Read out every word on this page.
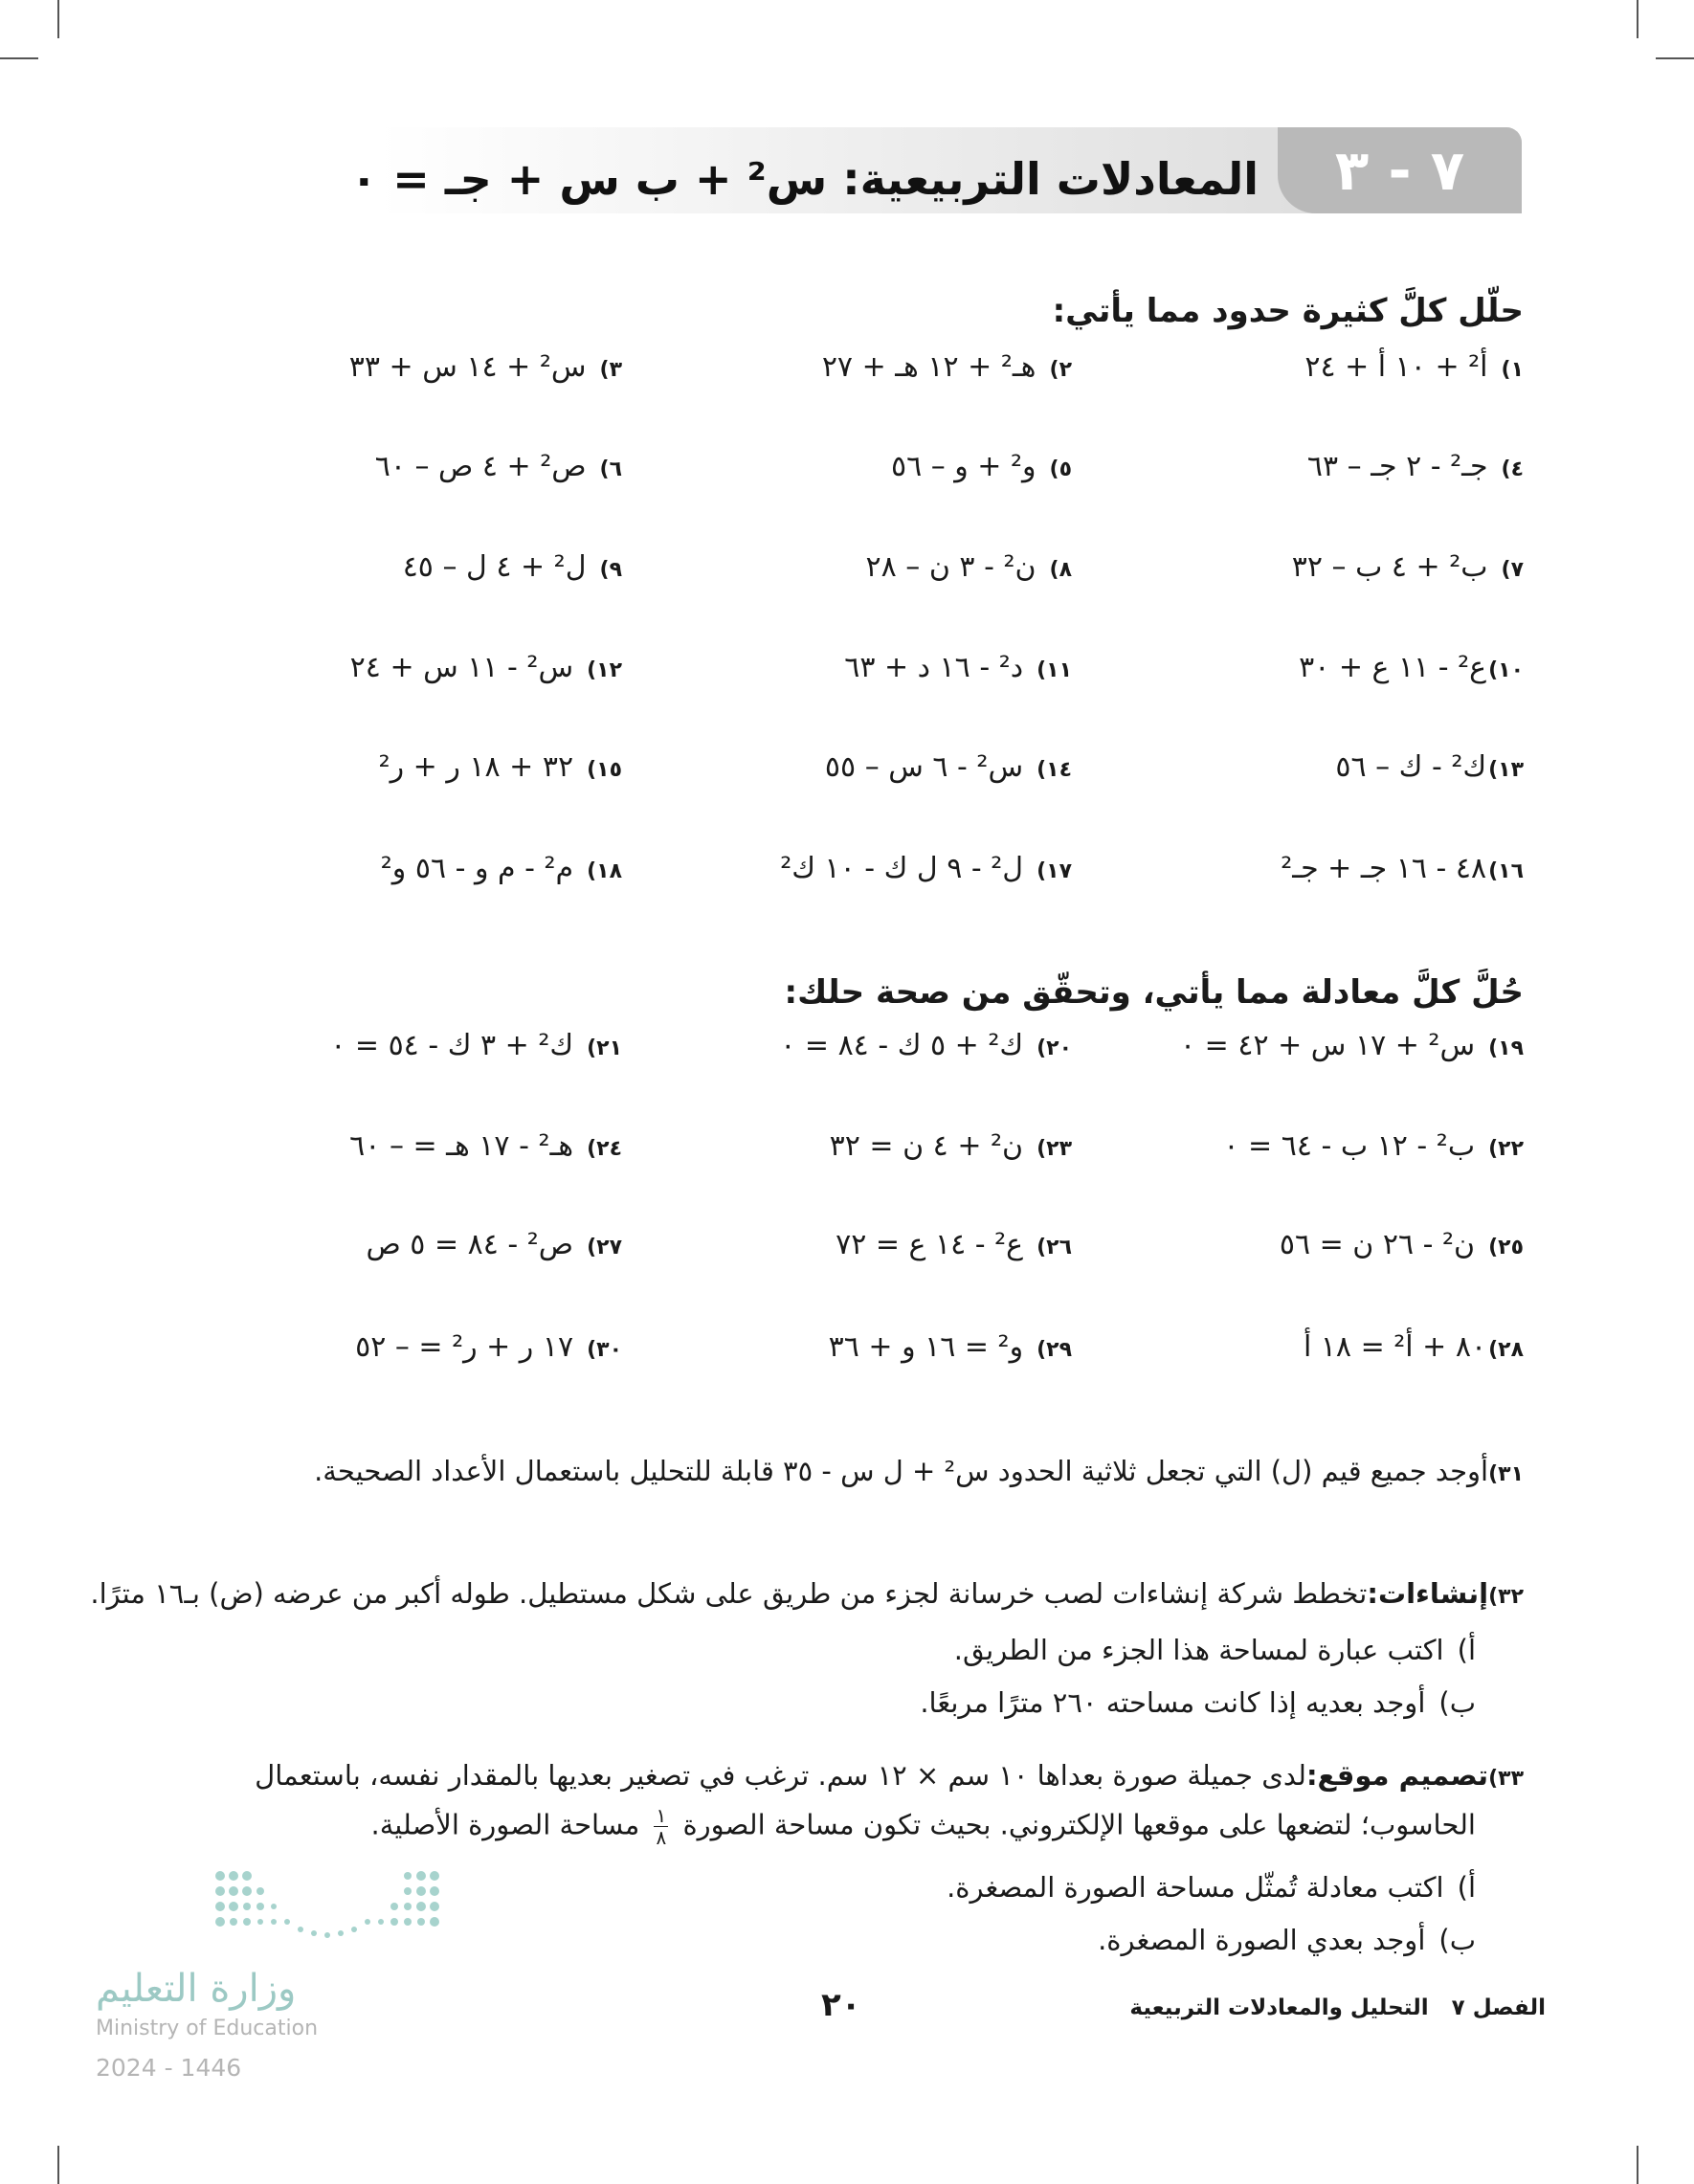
٧ - ٣
المعادلات التربيعية: س² + ب س + جـ = ٠
حلّل كلَّ كثيرة حدود مما يأتي:
١)أ² + ١٠ أ + ٢٤
٢)هـ² + ١٢ هـ + ٢٧
٣)س² + ١٤ س + ٣٣
٤)جـ² - ٢ جـ – ٦٣
٥)و² + و – ٥٦
٦)ص² + ٤ ص – ٦٠
٧)ب² + ٤ ب – ٣٢
٨)ن² - ٣ ن – ٢٨
٩)ل² + ٤ ل – ٤٥
١٠)ع² - ١١ ع + ٣٠
١١)د² - ١٦ د + ٦٣
١٢)س² - ١١ س + ٢٤
١٣)ك² - ك – ٥٦
١٤)س² - ٦ س – ٥٥
١٥)٣٢ + ١٨ ر + ر²
١٦)٤٨ - ١٦ جـ + جـ²
١٧)ل² - ٩ ل ك - ١٠ ك²
١٨)م² - م و - ٥٦ و²
حُلَّ كلَّ معادلة مما يأتي، وتحقّق من صحة حلك:
١٩)س² + ١٧ س + ٤٢ = ٠
٢٠)ك² + ٥ ك - ٨٤ = ٠
٢١)ك² + ٣ ك - ٥٤ = ٠
٢٢)ب² - ١٢ ب - ٦٤ = ٠
٢٣)ن² + ٤ ن = ٣٢
٢٤)هـ² - ١٧ هـ = – ٦٠
٢٥)ن² - ٢٦ ن = ٥٦
٢٦)ع² - ١٤ ع = ٧٢
٢٧)ص² - ٨٤ = ٥ ص
٢٨)٨٠ + أ² = ١٨ أ
٢٩)و² = ١٦ و + ٣٦
٣٠)١٧ ر + ر² = – ٥٢
٣١)أوجد جميع قيم (ل) التي تجعل ثلاثية الحدود س² + ل س - ٣٥ قابلة للتحليل باستعمال الأعداد الصحيحة.
٣٢)إنشاءات:تخطط شركة إنشاءات لصب خرسانة لجزء من طريق على شكل مستطيل. طوله أكبر من عرضه (ض) بـ١٦ مترًا.
أ)اكتب عبارة لمساحة هذا الجزء من الطريق.
ب)أوجد بعديه إذا كانت مساحته ٢٦٠ مترًا مربعًا.
٣٣)تصميم موقع:لدى جميلة صورة بعداها ١٠ سم × ١٢ سم. ترغب في تصغير بعديها بالمقدار نفسه، باستعمال
الحاسوب؛ لتضعها على موقعها الإلكتروني. بحيث تكون مساحة الصورة
$\frac{١}{٨}$
مساحة الصورة الأصلية.
أ)اكتب معادلة تُمثّل مساحة الصورة المصغرة.
ب)أوجد بعدي الصورة المصغرة.
وزارة التعليم
Ministry of Education
2024 - 1446
الفصل ٧التحليل والمعادلات التربيعية
٢٠
